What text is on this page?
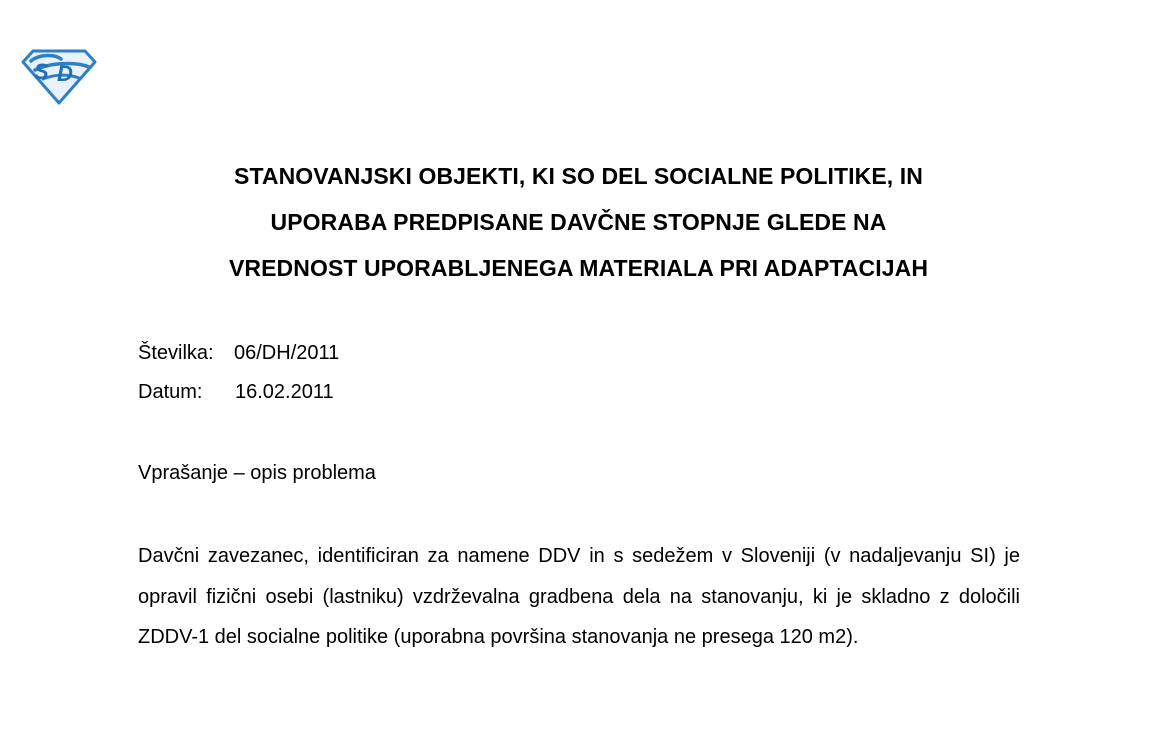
S D
STANOVANJSKI OBJEKTI, KI SO DEL SOCIALNE POLITIKE, IN
UPORABA PREDPISANE DAVČNE STOPNJE GLEDE NA
VREDNOST UPORABLJENEGA MATERIALA PRI ADAPTACIJAH
Številka: 06/DH/2011
Datum: 16.02.2011
Vprašanje – opis problema
Davčni zavezanec, identificiran za namene DDV in s sedežem v Sloveniji (v nadaljevanju SI) je opravil fizični osebi (lastniku) vzdrževalna gradbena dela na stanovanju, ki je skladno z določili ZDDV-1 del socialne politike (uporabna površina stanovanja ne presega 120 m2).
